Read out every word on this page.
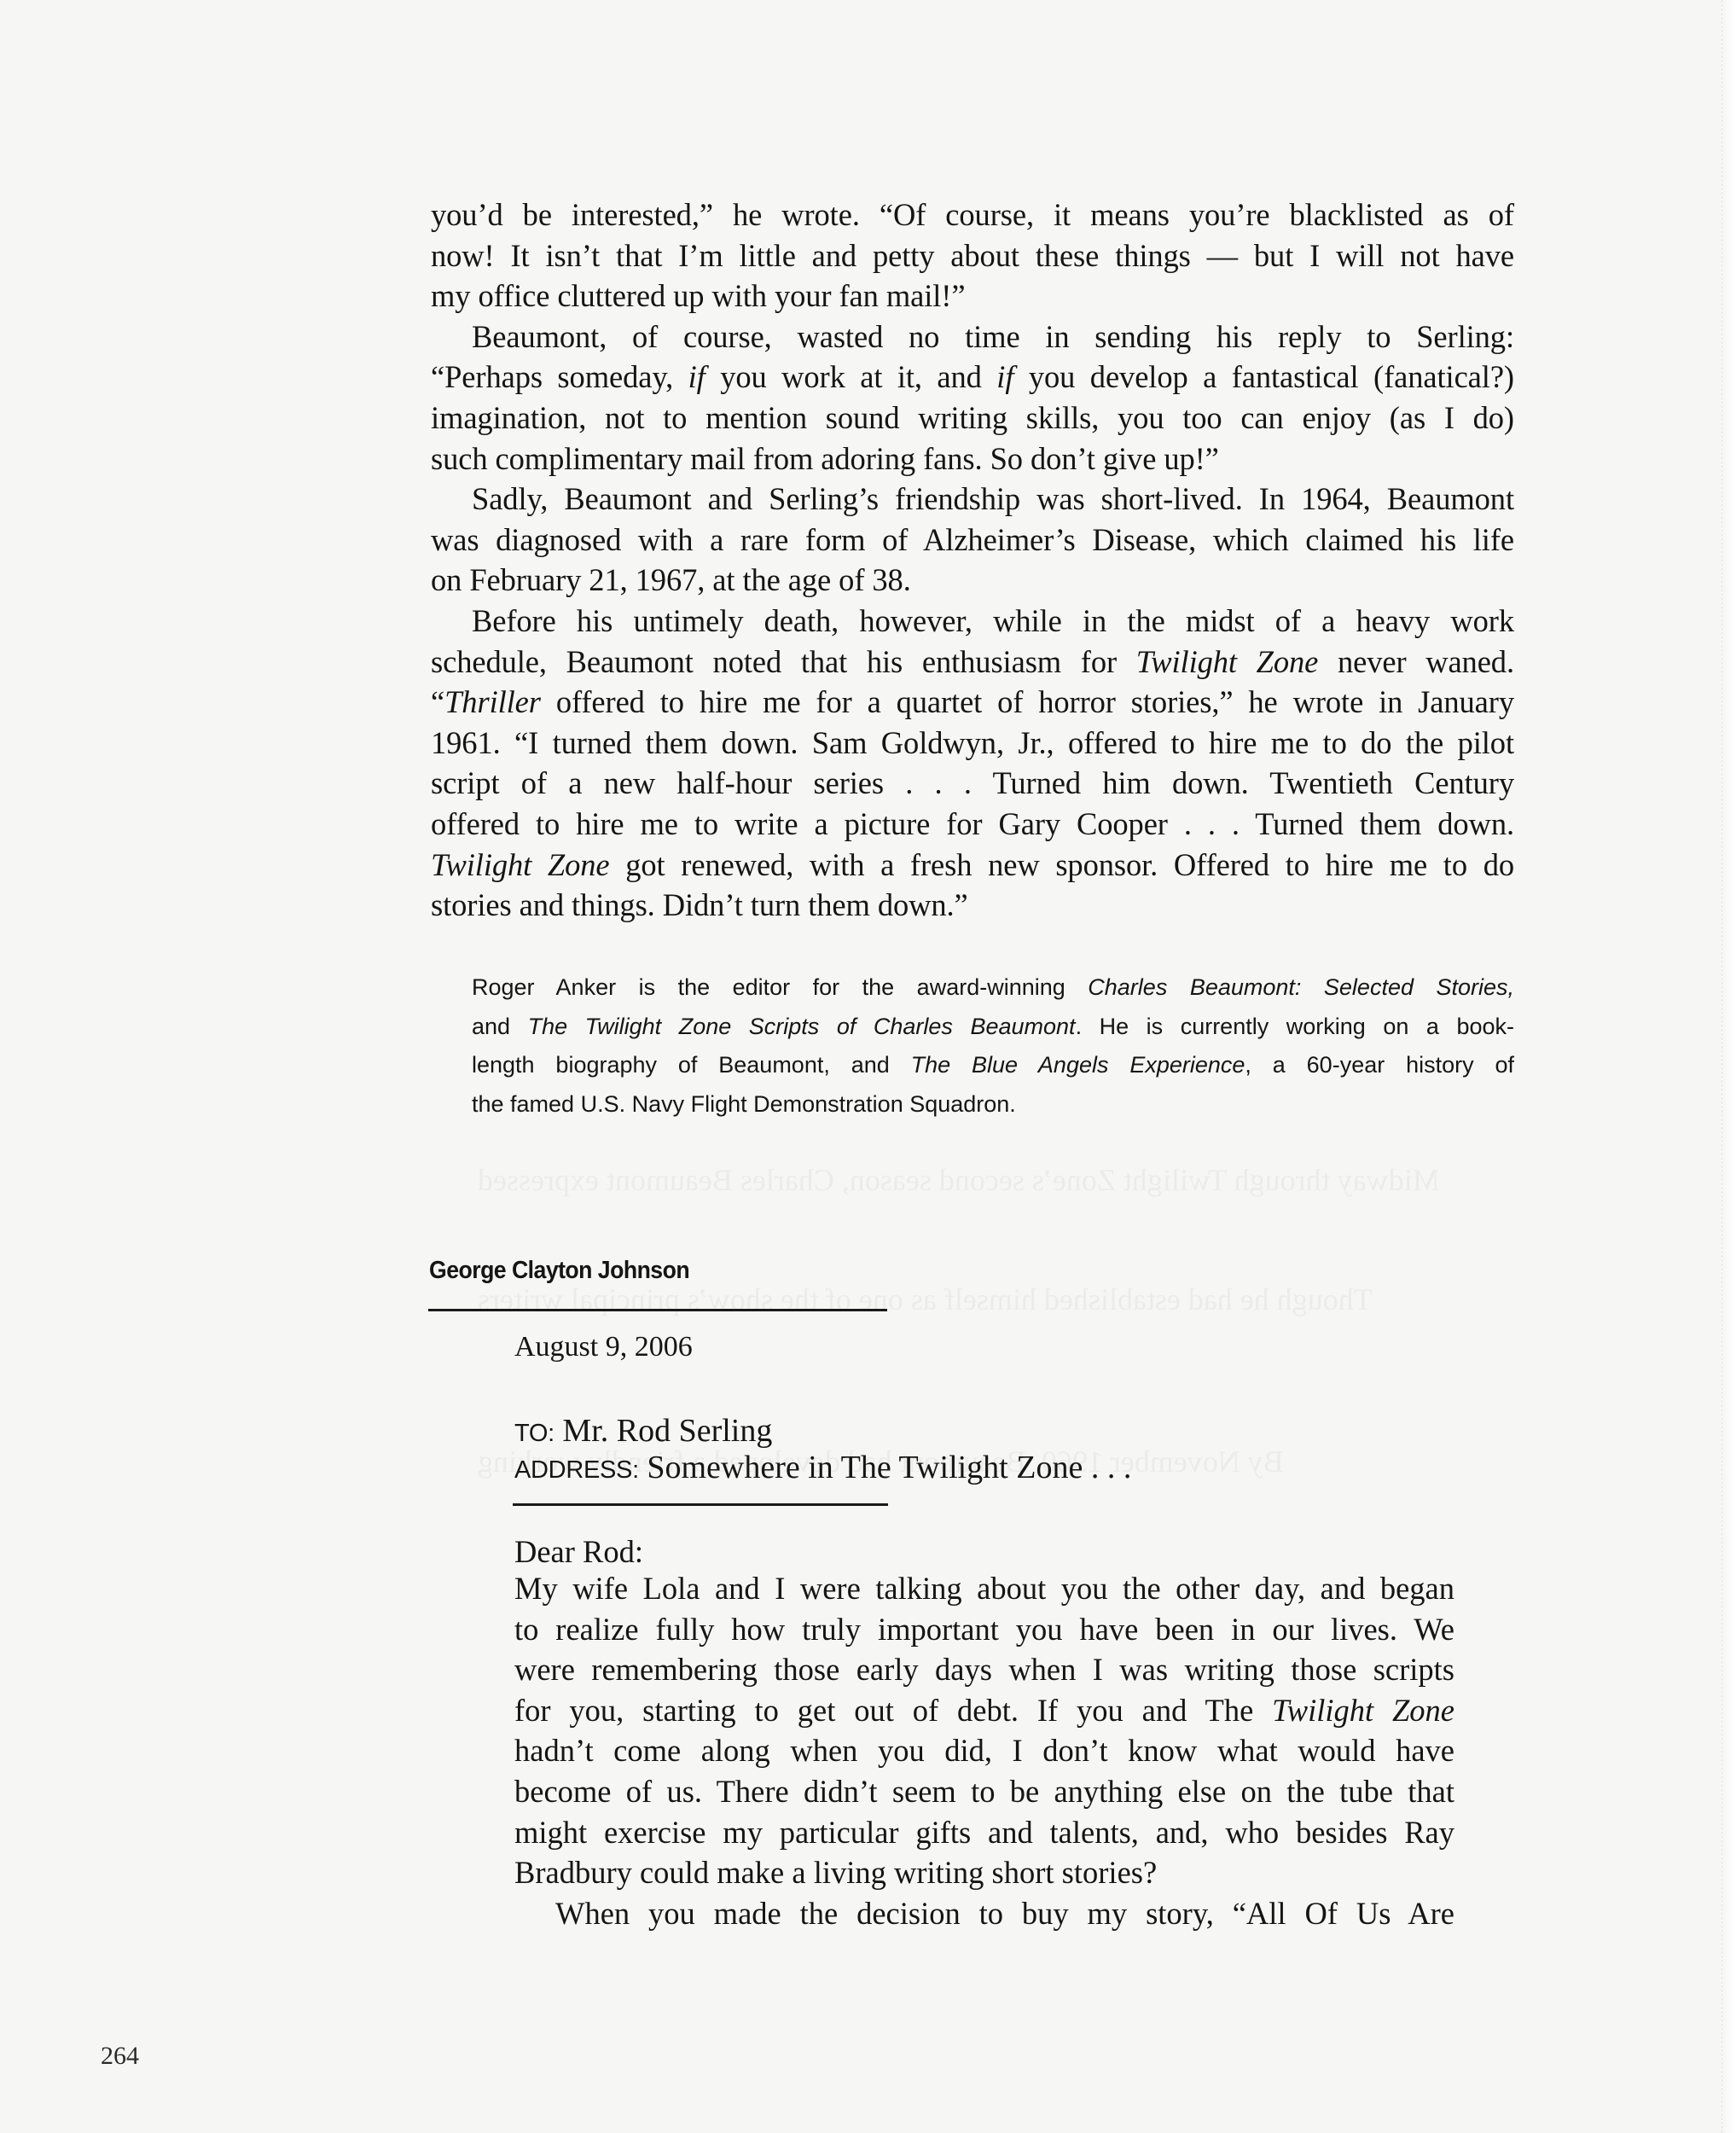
you’d be interested,” he wrote. “Of course, it means you’re blacklisted as of
now! It isn’t that I’m little and petty about these things — but I will not have
my office cluttered up with your fan mail!”

Beaumont, of course, wasted no time in sending his reply to Serling:
“Perhaps someday, if you work at it, and if you develop a fantastical (fanatical?)
imagination, not to mention sound writing skills, you too can enjoy (as I do)
such complimentary mail from adoring fans. So don’t give up!”

Sadly, Beaumont and Serling’s friendship was short-lived. In 1964, Beaumont
was diagnosed with a rare form of Alzheimer’s Disease, which claimed his life
on February 21, 1967, at the age of 38.

Before his untimely death, however, while in the midst of a heavy work
schedule, Beaumont noted that his enthusiasm for Twilight Zone never waned.
“Thriller offered to hire me for a quartet of horror stories,” he wrote in January
1961. “I turned them down. Sam Goldwyn, Jr., offered to hire me to do the pilot
script of a new half-hour series . . . Turned him down. Twentieth Century
offered to hire me to write a picture for Gary Cooper . . . Turned them down.
Twilight Zone got renewed, with a fresh new sponsor. Offered to hire me to do
stories and things. Didn’t turn them down.”

Roger Anker is the editor for the award-winning Charles Beaumont: Selected Stories,
and The Twilight Zone Scripts of Charles Beaumont. He is currently working on a book-
length biography of Beaumont, and The Blue Angels Experience, a 60-year history of
the famed U.S. Navy Flight Demonstration Squadron.
George Clayton Johnson
August 9, 2006
TO: Mr. Rod Serling
ADDRESS: Somewhere in The Twilight Zone . . .
Dear Rod:
My wife Lola and I were talking about you the other day, and began
to realize fully how truly important you have been in our lives. We
were remembering those early days when I was writing those scripts
for you, starting to get out of debt. If you and The Twilight Zone
hadn’t come along when you did, I don’t know what would have
become of us. There didn’t seem to be anything else on the tube that
might exercise my particular gifts and talents, and, who besides Ray
Bradbury could make a living writing short stories?
When you made the decision to buy my story, “All Of Us Are
264
